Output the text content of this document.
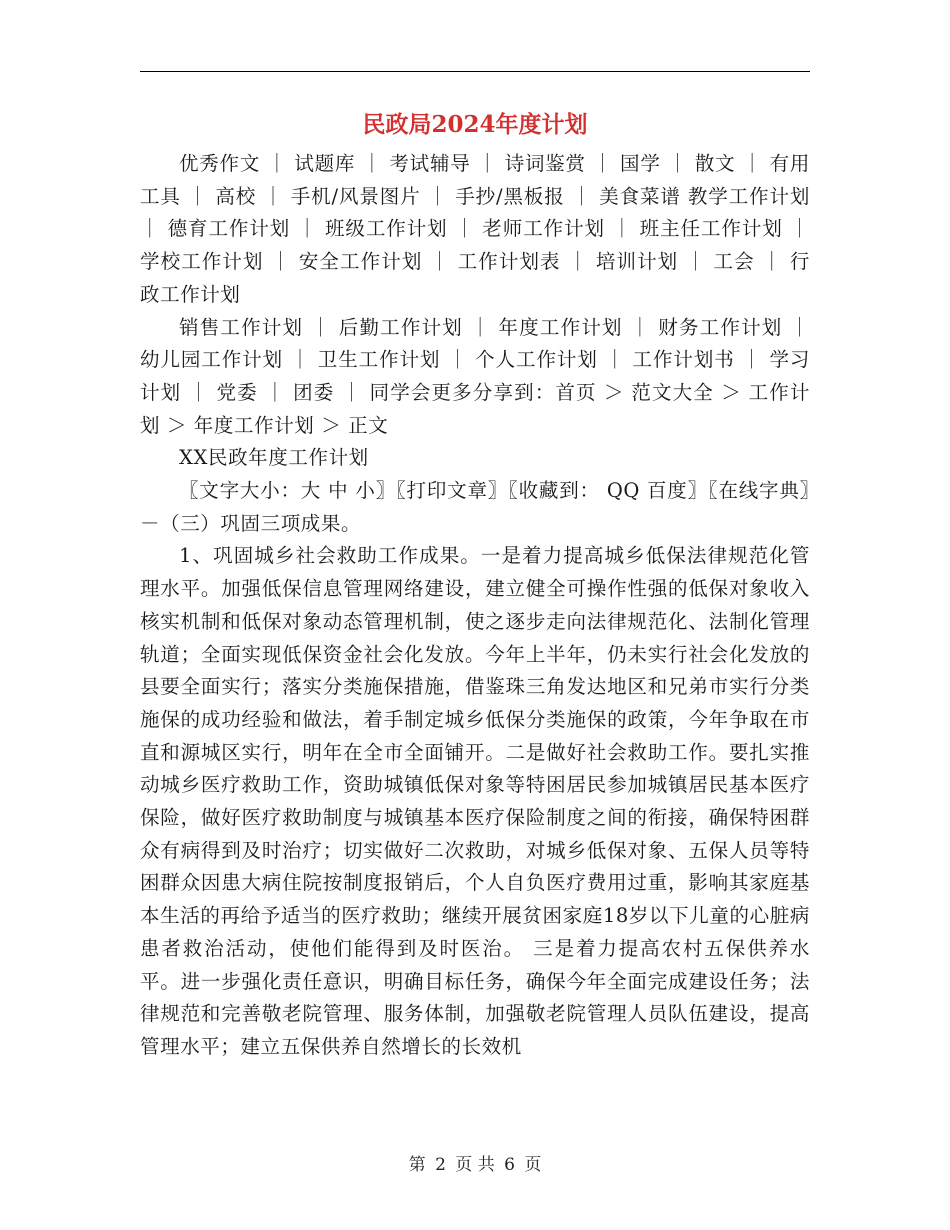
民政局2024年度计划

优秀作文 ｜ 试题库 ｜ 考试辅导 ｜ 诗词鉴赏 ｜ 国学 ｜ 散文 ｜ 有用工具 ｜ 高校 ｜ 手机/风景图片 ｜ 手抄/黑板报 ｜ 美食菜谱 教学工作计划 ｜ 德育工作计划 ｜ 班级工作计划 ｜ 老师工作计划 ｜ 班主任工作计划 ｜ 学校工作计划 ｜ 安全工作计划 ｜ 工作计划表 ｜ 培训计划 ｜ 工会 ｜ 行政工作计划

销售工作计划 ｜ 后勤工作计划 ｜ 年度工作计划 ｜ 财务工作计划 ｜ 幼儿园工作计划 ｜ 卫生工作计划 ｜ 个人工作计划 ｜ 工作计划书 ｜ 学习计划 ｜ 党委 ｜ 团委 ｜ 同学会更多分享到：首页 ＞ 范文大全 ＞ 工作计划 ＞ 年度工作计划 ＞ 正文

XX民政年度工作计划

〖文字大小：大 中 小〗〖打印文章〗〖收藏到： QQ 百度〗〖在线字典〗－（三）巩固三项成果。

1、巩固城乡社会救助工作成果。一是着力提高城乡低保法律规范化管理水平。加强低保信息管理网络建设，建立健全可操作性强的低保对象收入核实机制和低保对象动态管理机制，使之逐步走向法律规范化、法制化管理轨道；全面实现低保资金社会化发放。今年上半年，仍未实行社会化发放的县要全面实行；落实分类施保措施，借鉴珠三角发达地区和兄弟市实行分类施保的成功经验和做法，着手制定城乡低保分类施保的政策，今年争取在市直和源城区实行，明年在全市全面铺开。二是做好社会救助工作。要扎实推动城乡医疗救助工作，资助城镇低保对象等特困居民参加城镇居民基本医疗保险，做好医疗救助制度与城镇基本医疗保险制度之间的衔接，确保特困群众有病得到及时治疗；切实做好二次救助，对城乡低保对象、五保人员等特困群众因患大病住院按制度报销后，个人自负医疗费用过重，影响其家庭基本生活的再给予适当的医疗救助；继续开展贫困家庭18岁以下儿童的心脏病患者救治活动，使他们能得到及时医治。 三是着力提高农村五保供养水平。进一步强化责任意识，明确目标任务，确保今年全面完成建设任务；法律规范和完善敬老院管理、服务体制，加强敬老院管理人员队伍建设，提高管理水平；建立五保供养自然增长的长效机

第 2 页 共 6 页
